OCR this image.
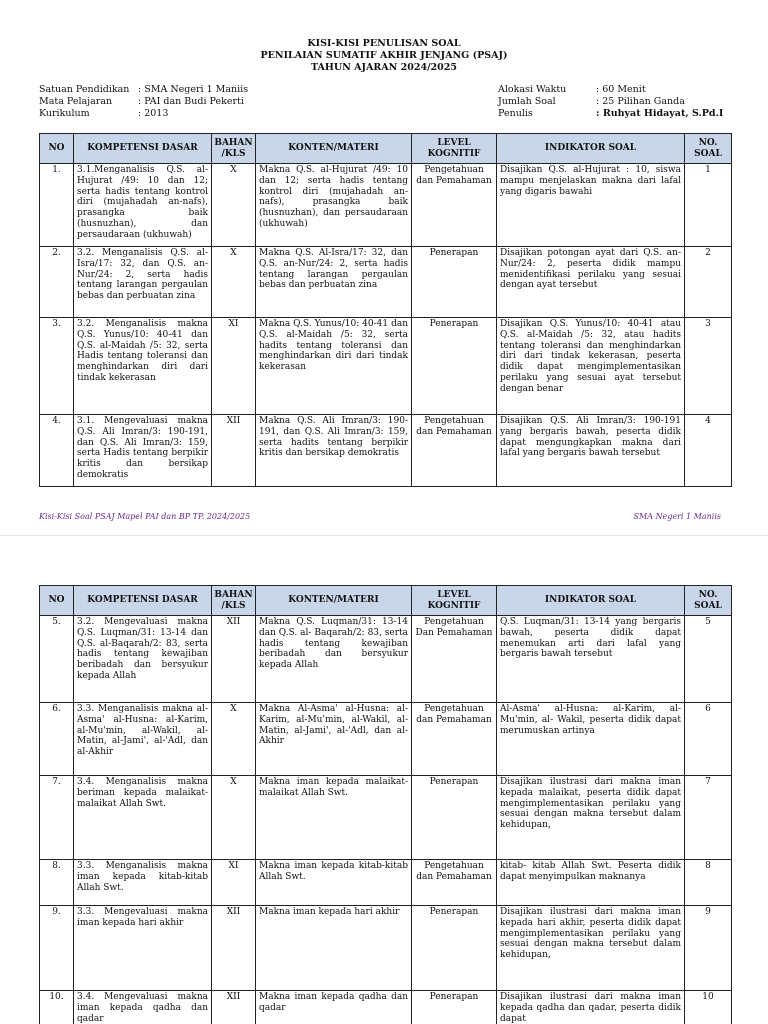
KISI-KISI PENULISAN SOAL
PENILAIAN SUMATIF AKHIR JENJANG (PSAJ)
TAHUN AJARAN 2024/2025
Satuan Pendidikan : SMA Negeri 1 Maniis
Mata Pelajaran	: PAI dan Budi Pekerti
Kurikulum	: 2013
Alokasi Waktu	: 60 Menit
Jumlah Soal	: 25 Pilihan Ganda
Penulis	: Ruhyat Hidayat, S.Pd.I
NO	KOMPETENSI DASAR	BAHAN /KLS	KONTEN/MATERI	LEVEL KOGNITIF	INDIKATOR SOAL	NO. SOAL
1.	3.1.Menganalisis Q.S. al-Hujurat /49: 10 dan 12; serta hadis tentang kontrol diri (mujahadah an-nafs), prasangka baik (husnuzhan), dan persaudaraan (ukhuwah)	X	Makna Q.S. al-Hujurat /49: 10 dan 12; serta hadis tentang kontrol diri (mujahadah an-nafs), prasangka baik (husnuzhan), dan persaudaraan (ukhuwah)	Pengetahuan dan Pemahaman	Disajikan Q.S. al-Hujurat : 10, siswa mampu menjelaskan makna dari lafal yang digaris bawahi	1
2.	3.2. Menganalisis Q.S. al-Isra/17: 32, dan Q.S. an-Nur/24: 2, serta hadis tentang larangan pergaulan bebas dan perbuatan zina	X	Makna Q.S. Al-Isra/17: 32, dan Q.S. an-Nur/24: 2, serta hadis tentang larangan pergaulan bebas dan perbuatan zina	Penerapan	Disajikan potongan ayat dari Q.S. an-Nur/24: 2, peserta didik mampu menidentifikasi perilaku yang sesuai dengan ayat tersebut	2
3.	3.2. Menganalisis makna Q.S. Yunus/10: 40-41 dan Q.S. al-Maidah /5: 32, serta Hadis tentang toleransi dan menghindarkan diri dari tindak kekerasan	XI	Makna Q.S. Yunus/10: 40-41 dan Q.S. al-Maidah /5: 32, serta hadits tentang toleransi dan menghindarkan diri dari tindak kekerasan	Penerapan	Disajikan Q.S. Yunus/10: 40-41 atau Q.S. al-Maidah /5: 32, atau hadits tentang toleransi dan menghindarkan diri dari tindak kekerasan, peserta didik dapat mengimplementasikan perilaku yang sesuai ayat tersebut dengan benar	3
4.	3.1. Mengevaluasi makna Q.S. Ali Imran/3: 190-191, dan Q.S. Ali Imran/3: 159, serta Hadis tentang berpikir kritis dan bersikap demokratis	XII	Makna Q.S. Ali Imran/3: 190-191, dan Q.S. Ali Imran/3: 159, serta hadits tentang berpikir kritis dan bersikap demokratis	Pengetahuan dan Pemahaman	Disajikan Q.S. Ali Imran/3: 190-191 yang bergaris bawah, peserta didik dapat mengungkapkan makna dari lafal yang bergaris bawah tersebut	4
Kisi-Kisi Soal PSAJ Mapel PAI dan BP TP. 2024/2025	SMA Negeri 1 Maniis
NO	KOMPETENSI DASAR	BAHAN /KLS	KONTEN/MATERI	LEVEL KOGNITIF	INDIKATOR SOAL	NO. SOAL
5.	3.2. Mengevaluasi makna Q.S. Luqman/31: 13-14 dan Q.S. al-Baqarah/2: 83, serta hadis tentang kewajiban beribadah dan bersyukur kepada Allah	XII	Makna Q.S. Luqman/31: 13-14 dan Q.S. al- Baqarah/2: 83, serta hadis tentang kewajiban beribadah dan bersyukur kepada Allah	Pengetahuan Dan Pemahaman	Q.S. Luqman/31: 13-14 yang bergaris bawah, peserta didik dapat menemukan arti dari lafal yang bergaris bawah tersebut	5
6.	3.3. Menganalisis makna al-Asma' al-Husna: al-Karim, al-Mu'min, al-Wakil, al-Matin, al-Jami', al-'Adl, dan al-Akhir	X	Makna Al-Asma' al-Husna: al-Karim, al-Mu'min, al-Wakil, al-Matin, al-Jami', al-'Adl, dan al-Akhir	Pengetahuan dan Pemahaman	Al-Asma' al-Husna: al-Karim, al-Mu'min, al- Wakil, peserta didik dapat merumuskan artinya	6
7.	3.4. Menganalisis makna beriman kepada malaikat-malaikat Allah Swt.	X	Makna iman kepada malaikat-malaikat Allah Swt.	Penerapan	Disajikan ilustrasi dari makna iman kepada malaikat, peserta didik dapat mengimplementasikan perilaku yang sesuai dengan makna tersebut dalam kehidupan,	7
8.	3.3. Menganalisis makna iman kepada kitab-kitab Allah Swt.	XI	Makna iman kepada kitab-kitab Allah Swt.	Pengetahuan dan Pemahaman	kitab- kitab Allah Swt. Peserta didik dapat menyimpulkan maknanya	8
9.	3.3. Mengevaluasi makna iman kepada hari akhir	XII	Makna iman kepada hari akhir	Penerapan	Disajikan ilustrasi dari makna iman kepada hari akhir, peserta didik dapat mengimplementasikan perilaku yang sesuai dengan makna tersebut dalam kehidupan,	9
10.	3.4. Mengevaluasi makna iman kepada qadha dan qadar	XII	Makna iman kepada qadha dan qadar	Penerapan	Disajikan ilustrasi dari makna iman kepada qadha dan qadar, peserta didik dapat	10
